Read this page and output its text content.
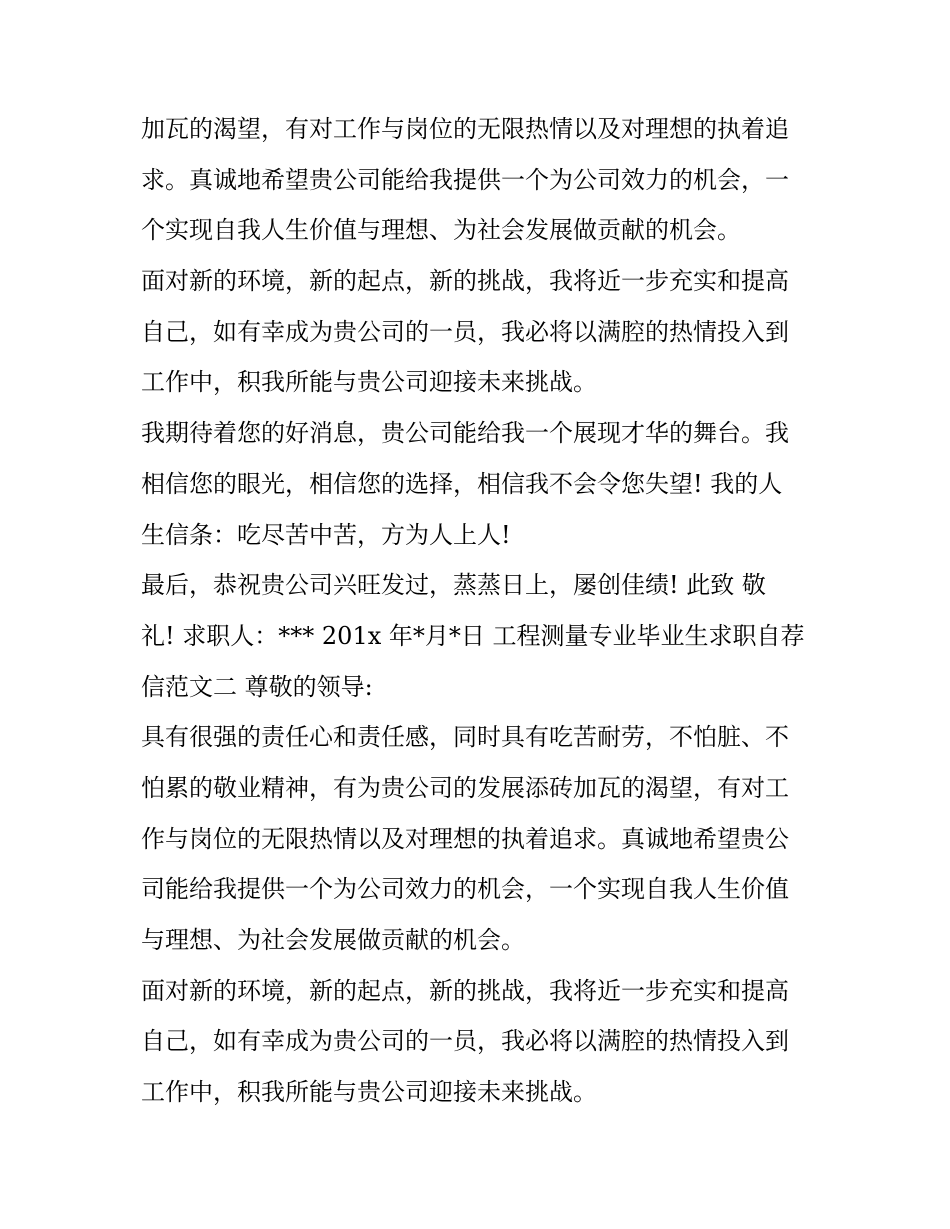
加瓦的渴望，有对工作与岗位的无限热情以及对理想的执着追
求。真诚地希望贵公司能给我提供一个为公司效力的机会，一
个实现自我人生价值与理想、为社会发展做贡献的机会。

面对新的环境，新的起点，新的挑战，我将近一步充实和提高
自己，如有幸成为贵公司的一员，我必将以满腔的热情投入到
工作中，积我所能与贵公司迎接未来挑战。

我期待着您的好消息，贵公司能给我一个展现才华的舞台。我
相信您的眼光，相信您的选择，相信我不会令您失望! 我的人
生信条：吃尽苦中苦，方为人上人!

最后，恭祝贵公司兴旺发过，蒸蒸日上，屡创佳绩! 此致 敬
礼! 求职人：*** 201x 年*月*日 工程测量专业毕业生求职自荐
信范文二 尊敬的领导:

具有很强的责任心和责任感，同时具有吃苦耐劳，不怕脏、不
怕累的敬业精神，有为贵公司的发展添砖加瓦的渴望，有对工
作与岗位的无限热情以及对理想的执着追求。真诚地希望贵公
司能给我提供一个为公司效力的机会，一个实现自我人生价值
与理想、为社会发展做贡献的机会。

面对新的环境，新的起点，新的挑战，我将近一步充实和提高
自己，如有幸成为贵公司的一员，我必将以满腔的热情投入到
工作中，积我所能与贵公司迎接未来挑战。
